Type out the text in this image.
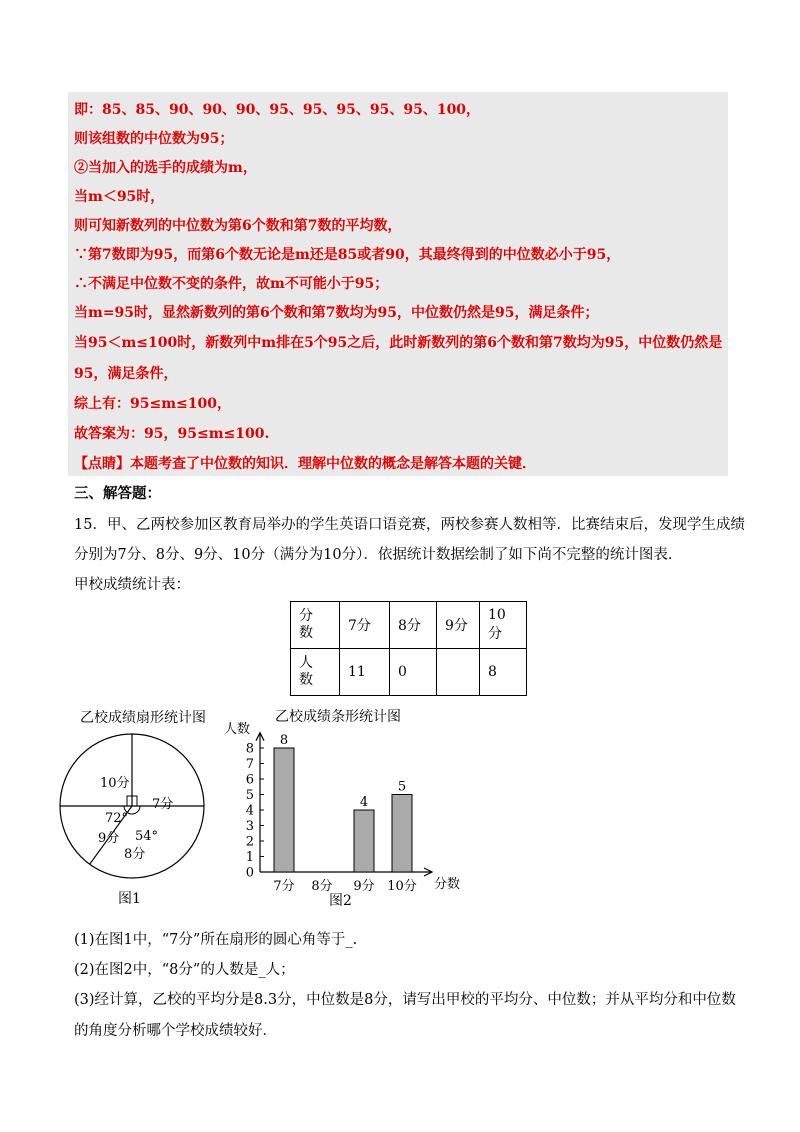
即：85、85、90、90、90、95、95、95、95、95、100，
则该组数的中位数为95；
②当加入的选手的成绩为m，
当m＜95时，
则可知新数列的中位数为第6个数和第7数的平均数，
∵第7数即为95，而第6个数无论是m还是85或者90，其最终得到的中位数必小于95，
∴不满足中位数不变的条件，故m不可能小于95；
当m=95时，显然新数列的第6个数和第7数均为95，中位数仍然是95，满足条件；
当95＜m≤100时，新数列中m排在5个95之后，此时新数列的第6个数和第7数均为95，中位数仍然是
95，满足条件，
综上有：95≤m≤100，
故答案为：95，95≤m≤100.
【点睛】本题考查了中位数的知识．理解中位数的概念是解答本题的关键．
三、解答题：
15．甲、乙两校参加区教育局举办的学生英语口语竞赛，两校参赛人数相等．比赛结束后，发现学生成绩
分别为7分、8分、9分、10分（满分为10分）．依据统计数据绘制了如下尚不完整的统计图表．
甲校成绩统计表：
分
数	7分	8分	9分	10分
人
数	11	0		8
乙校成绩扇形统计图
10分
7分
72°
9分 54°
8分
图1
乙校成绩条形统计图
人数
0
1
2
3
4
5
6
7
8
7分 8分 9分 10分
8
4
5
分数
图2
(1)在图1中，“7分”所在扇形的圆心角等于_.
(2)在图2中，“8分”的人数是_人；
(3)经计算，乙校的平均分是8.3分，中位数是8分，请写出甲校的平均分、中位数；并从平均分和中位数
的角度分析哪个学校成绩较好．
